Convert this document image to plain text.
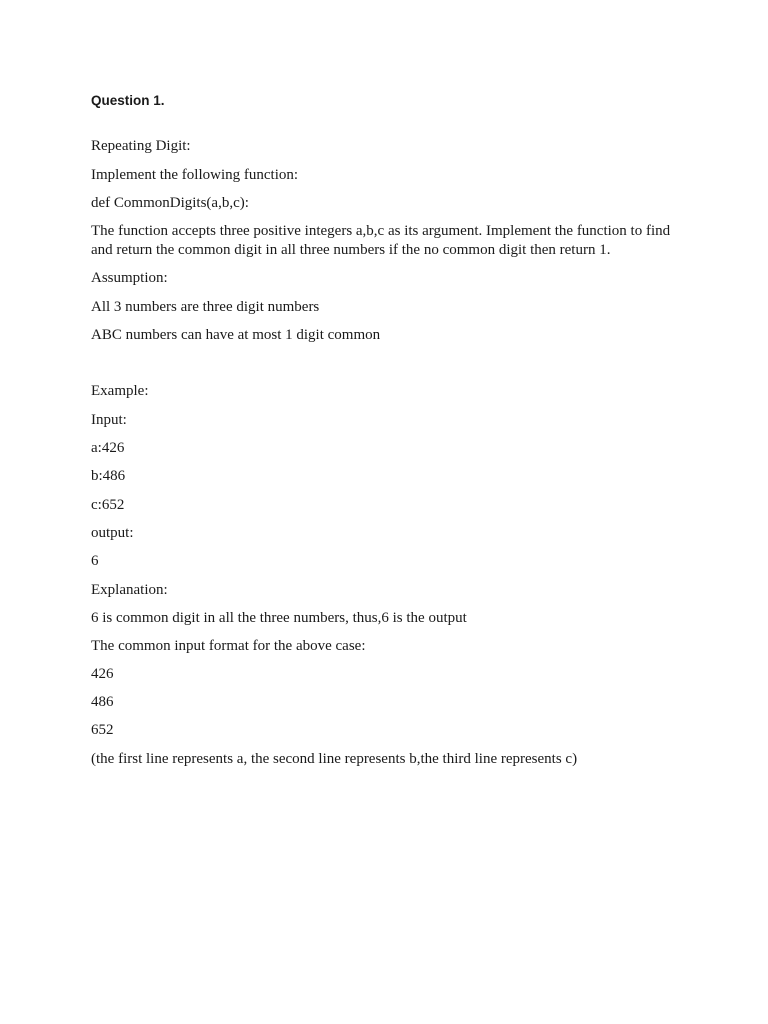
Question 1.

Repeating Digit:

Implement the following function:

def CommonDigits(a,b,c):

The function accepts three positive integers a,b,c as its argument. Implement the function to find and return the common digit in all three numbers if the no common digit then return 1.

Assumption:

All 3 numbers are three digit numbers

ABC numbers can have at most 1 digit common

Example:

Input:

a:426

b:486

c:652

output:

6

Explanation:

6 is common digit in all the three numbers, thus,6 is the output

The common input format for the above case:

426

486

652

(the first line represents a, the second line represents b,the third line represents c)
